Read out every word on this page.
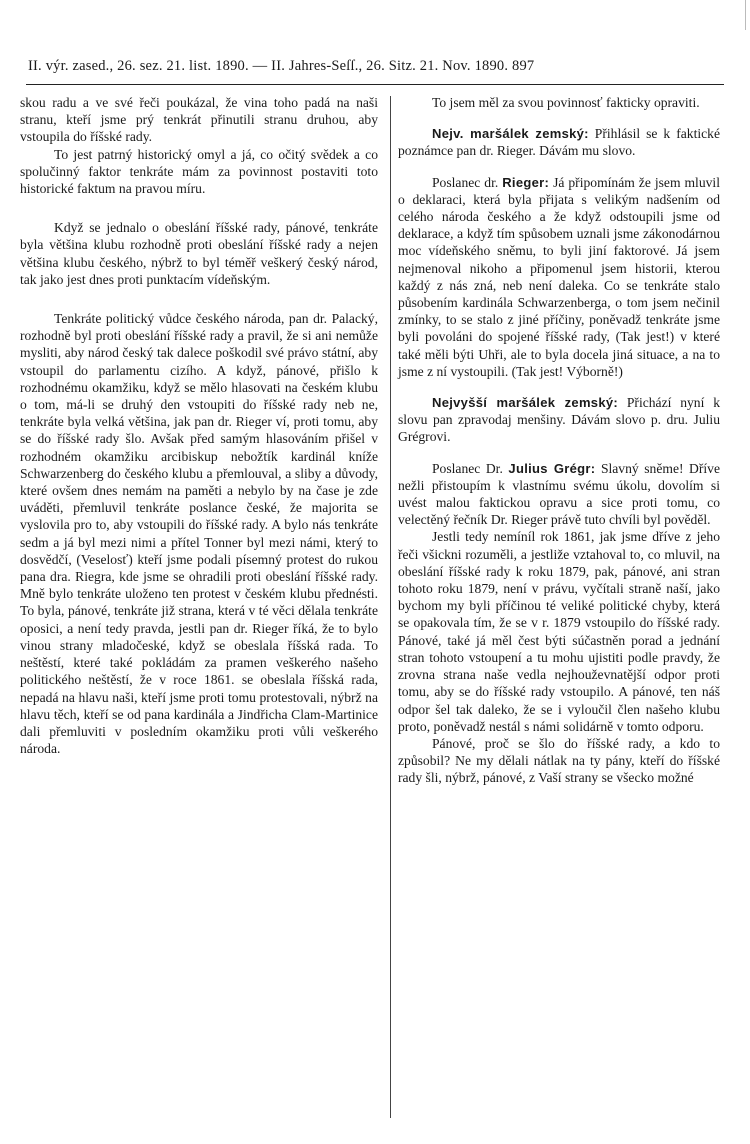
II. výr. zased., 26. sez. 21. list. 1890. — II. Jahres-Seſſ., 26. Sitz. 21. Nov. 1890. 897

skou radu a ve své řeči poukázal, že vina toho padá na naši stranu, kteří jsme prý tenkrát přinutili stranu druhou, aby vstoupila do říšské rady.

To jest patrný historický omyl a já, co očitý svědek a co spolučinný faktor tenkráte mám za povinnost postaviti toto historické faktum na pravou míru.

Když se jednalo o obeslání říšské rady, pánové, tenkráte byla většina klubu rozhodně proti obeslání říšské rady a nejen většina klubu českého, nýbrž to byl téměř veškerý český národ, tak jako jest dnes proti punktacím vídeňským.

Tenkráte politický vůdce českého národa, pan dr. Palacký, rozhodně byl proti obeslání říšské rady a pravil, že si ani nemůže mysliti, aby národ český tak dalece poškodil své právo státní, aby vstoupil do parlamentu cizího. A když, pánové, přišlo k rozhodnému okamžiku, když se mělo hlasovati na českém klubu o tom, má-li se druhý den vstoupiti do říšské rady neb ne, tenkráte byla velká většina, jak pan dr. Rieger ví, proti tomu, aby se do říšské rady šlo. Avšak před samým hlasováním přišel v rozhodném okamžiku arcibiskup nebožtík kardinál kníže Schwarzenberg do českého klubu a přemlouval, a sliby a důvody, které ovšem dnes nemám na paměti a nebylo by na čase je zde uváděti, přemluvil tenkráte poslance české, že majorita se vyslovila pro to, aby vstoupili do říšské rady. A bylo nás tenkráte sedm a já byl mezi nimi a přítel Tonner byl mezi námi, který to dosvědčí, (Veselosť) kteří jsme podali písemný protest do rukou pana dra. Riegra, kde jsme se ohradili proti obeslání říšské rady. Mně bylo tenkráte uloženo ten protest v českém klubu přednésti. To byla, pánové, tenkráte již strana, která v té věci dělala tenkráte oposici, a není tedy pravda, jestli pan dr. Rieger říká, že to bylo vinou strany mladočeské, když se obeslala říšská rada. To neštěstí, které také pokládám za pramen veškerého našeho politického neštěstí, že v roce 1861. se obeslala říšská rada, nepadá na hlavu naši, kteří jsme proti tomu protestovali, nýbrž na hlavu těch, kteří se od pana kardinála a Jindřicha Clam-Martinice dali přemluviti v posledním okamžiku proti vůli veškerého národa.

To jsem měl za svou povinnosť fakticky opraviti.

Nejv. maršálek zemský: Přihlásil se k faktické poznámce pan dr. Rieger. Dávám mu slovo.

Poslanec dr. Rieger: Já připomínám že jsem mluvil o deklaraci, která byla přijata s velikým nadšením od celého národa českého a že když odstoupili jsme od deklarace, a když tím spůsobem uznali jsme zákonodárnou moc vídeňského sněmu, to byli jiní faktorové. Já jsem nejmenoval nikoho a připomenul jsem historii, kterou každý z nás zná, neb není daleka. Co se tenkráte stalo působením kardinála Schwarzenberga, o tom jsem nečinil zmínky, to se stalo z jiné příčiny, poněvadž tenkráte jsme byli povoláni do spojené říšské rady, (Tak jest!) v které také měli býti Uhři, ale to byla docela jiná situace, a na to jsme z ní vystoupili. (Tak jest! Výborně!)

Nejvyšší maršálek zemský: Přichází nyní k slovu pan zpravodaj menšiny. Dávám slovo p. dru. Juliu Grégrovi.

Poslanec Dr. Julius Grégr: Slavný sněme! Dříve nežli přistoupím k vlastnímu svému úkolu, dovolím si uvést malou faktickou opravu a sice proti tomu, co velectěný řečník Dr. Rieger právě tuto chvíli byl pověděl.

Jestli tedy nemíníl rok 1861, jak jsme dříve z jeho řeči všickni rozuměli, a jestliže vztahoval to, co mluvil, na obeslání říšské rady k roku 1879, pak, pánové, ani stran tohoto roku 1879, není v právu, vyčítali straně naší, jako bychom my byli příčinou té veliké politické chyby, která se opakovala tím, že se v r. 1879 vstoupilo do říšské rady. Pánové, také já měl čest býti súčastněn porad a jednání stran tohoto vstoupení a tu mohu ujistiti podle pravdy, že zrovna strana naše vedla nejhouževnatější odpor proti tomu, aby se do říšské rady vstoupilo. A pánové, ten náš odpor šel tak daleko, že se i vyloučil člen našeho klubu proto, poněvadž nestál s námi solidárně v tomto odporu.

Pánové, proč se šlo do říšské rady, a kdo to způsobil? Ne my dělali nátlak na ty pány, kteří do říšské rady šli, nýbrž, pánové, z Vaší strany se všecko možné
